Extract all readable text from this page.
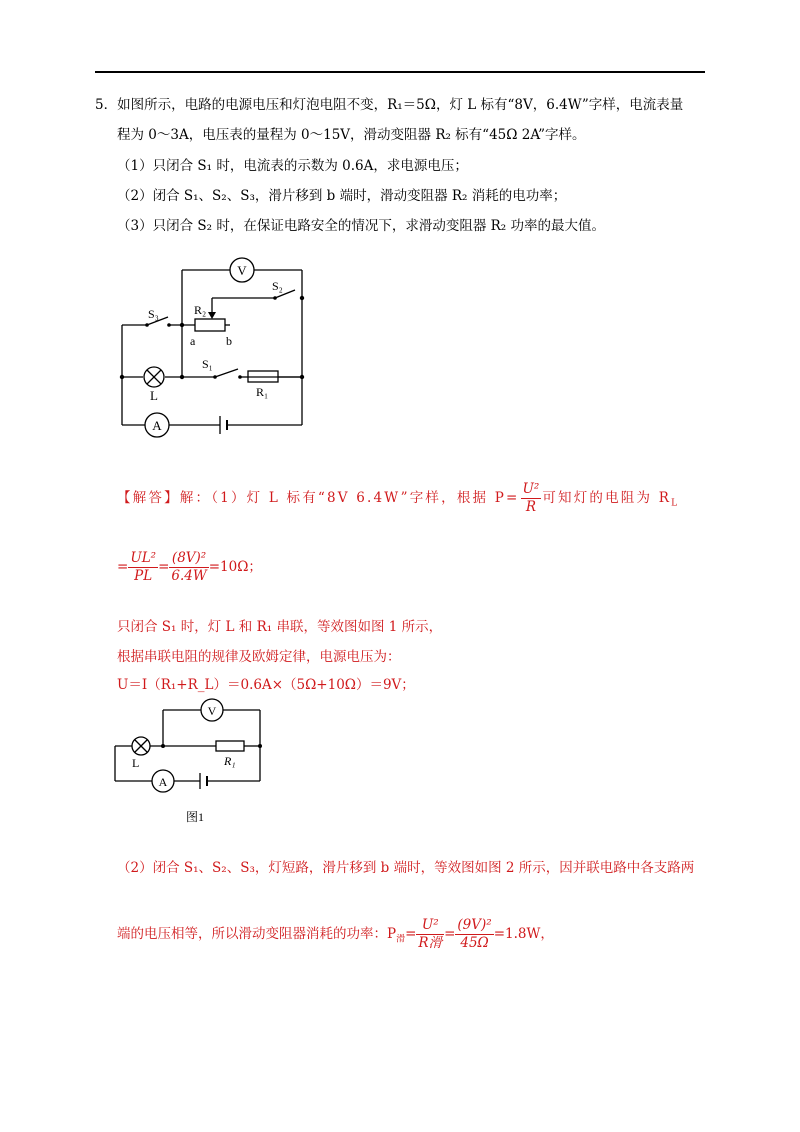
5．如图所示，电路的电源电压和灯泡电阻不变，R₁＝5Ω，灯 L 标有“8V，6.4W”字样，电流表量
程为 0～3A，电压表的量程为 0～15V，滑动变阻器 R₂ 标有“45Ω 2A”字样。
（1）只闭合 S₁ 时，电流表的示数为 0.6A，求电源电压；
（2）闭合 S₁、S₂、S₃，滑片移到 b 端时，滑动变阻器 R₂ 消耗的电功率；
（3）只闭合 S₂ 时，在保证电路安全的情况下，求滑动变阻器 R₂ 功率的最大值。
V
A
L
S₃
S₂
S₁
R₂
R₁
a	b
【解答】解：（1）灯 L 标有“8V 6.4W”字样，根据 $P= \frac{\text{U²}}{R}$ 可知灯的电阻为 $R_L$
= $\frac{\text{UL²}}{PL} = \frac{\text{(8V)²}}{6.4W} =10\Omega$；
只闭合 S₁ 时，灯 L 和 R₁ 串联，等效图如图 1 所示，
根据串联电阻的规律及欧姆定律，电源电压为：
U＝I（R₁+R_L）＝0.6A×（5Ω+10Ω）＝9V；
V
A
L	R₁
图1
（2）闭合 S₁、S₂、S₃，灯短路，滑片移到 b 端时，等效图如图 2 所示，因并联电路中各支路两
端的电压相等，所以滑动变阻器消耗的功率：$P_滑= \frac{\text{U²}}{\text{R滑}} = \frac{\text{(9V)²}}{45\Omega} =1.8W$，
